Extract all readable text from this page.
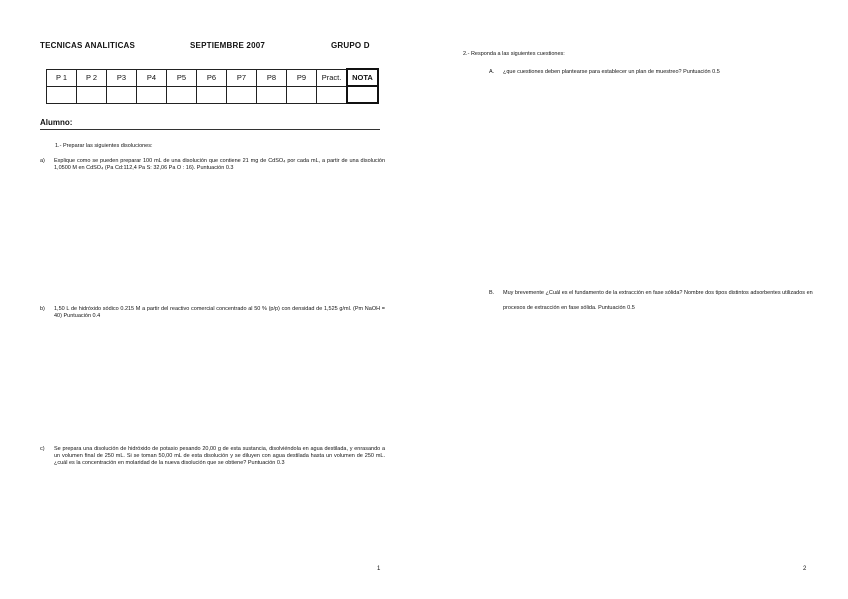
TECNICAS ANALITICAS	SEPTIEMBRE 2007	GRUPO D
P 1	P 2	P3	P4	P5	P6	P7	P8	P9	Pract.	NOTA

Alumno:
1.- Preparar las siguientes disoluciones:
a) Explique como se pueden preparar 100 mL de una disolución que contiene 21 mg de CdSO₄ por cada mL, a partir de una disolución 1,0500 M en CdSO₄ (Pa Cd:112,4 Pa S: 32,06 Pa O : 16). Puntuación 0.3
b) 1,50 L de hidróxido sódico 0.215 M a partir del reactivo comercial concentrado al 50 % (p/p) con densidad de 1,525 g/ml. (Pm NaOH = 40) Puntuación 0.4
c) Se prepara una disolución de hidróxido de potasio pesando 20,00 g de esta sustancia, disolviéndola en agua destilada, y enrasando a un volumen final de 250 mL. Si se toman 50,00 mL de esta disolución y se diluyen con agua destilada hasta un volumen de 250 mL. ¿cuál es la concentración en molaridad de la nueva disolución que se obtiene? Puntuación 0.3
1
2.- Responda a las siguientes cuestiones:
A. ¿que cuestiones deben plantearse para establecer un plan de muestreo? Puntuación 0.5
B. Muy brevemente ¿Cuál es el fundamento de la extracción en fase sólida? Nombre dos tipos distintos adsorbentes utilizados en procesos de extracción en fase sólida. Puntuación 0.5
2
